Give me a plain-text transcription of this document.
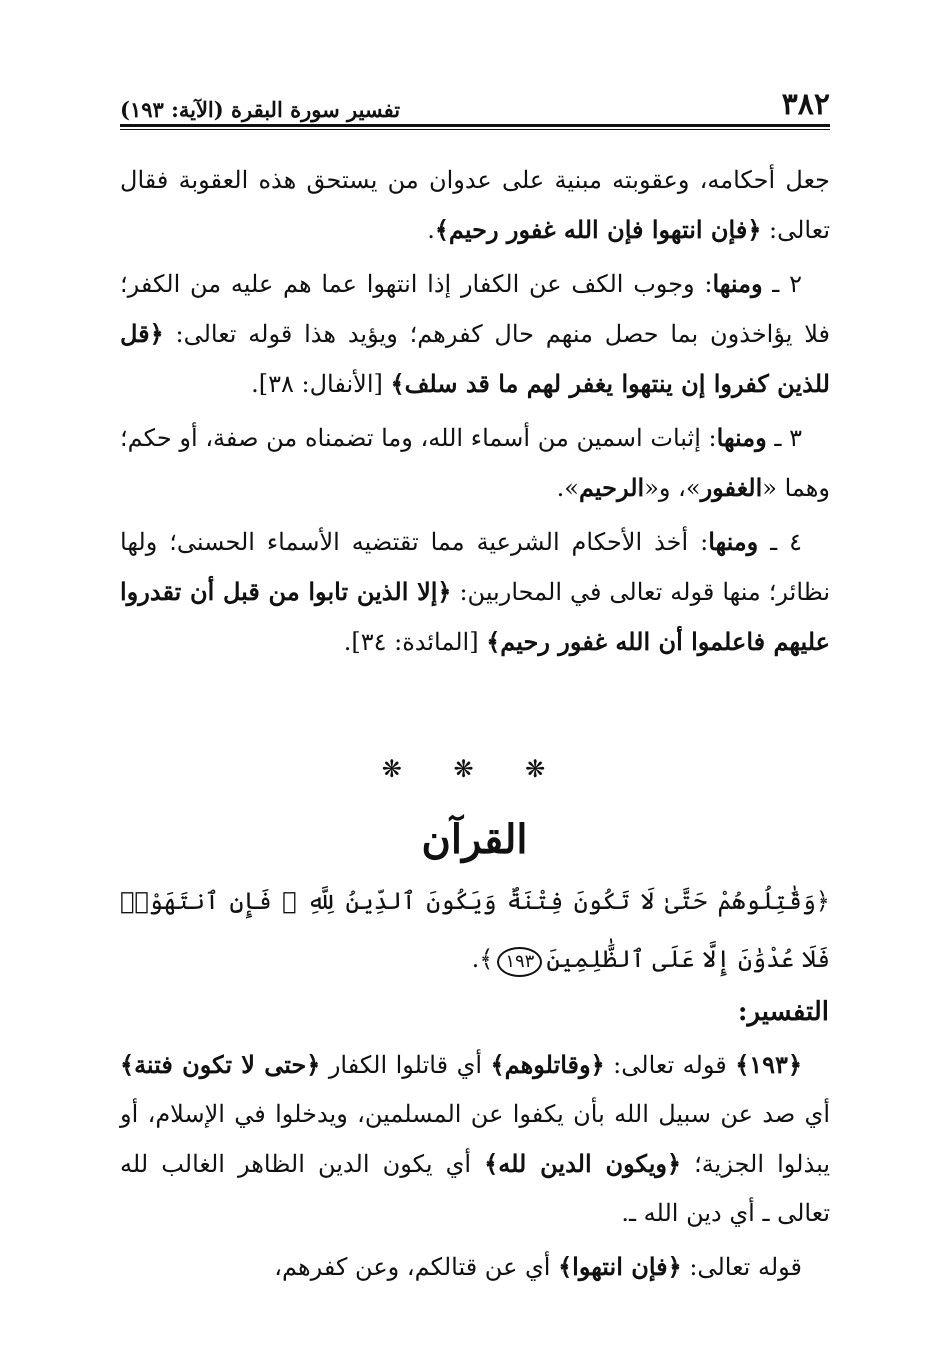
٣٨٢
تفسير سورة البقرة (الآية: ١٩٣)

جعل أحكامه، وعقوبته مبنية على عدوان من يستحق هذه العقوبة فقال تعالى: ﴿فإن انتهوا فإن الله غفور رحيم﴾.

٢ ـ ومنها: وجوب الكف عن الكفار إذا انتهوا عما هم عليه من الكفر؛ فلا يؤاخذون بما حصل منهم حال كفرهم؛ ويؤيد هذا قوله تعالى: ﴿قل للذين كفروا إن ينتهوا يغفر لهم ما قد سلف﴾ [الأنفال: ٣٨].

٣ ـ ومنها: إثبات اسمين من أسماء الله، وما تضمناه من صفة، أو حكم؛ وهما «الغفور»، و«الرحيم».

٤ ـ ومنها: أخذ الأحكام الشرعية مما تقتضيه الأسماء الحسنى؛ ولها نظائر؛ منها قوله تعالى في المحاربين: ﴿إلا الذين تابوا من قبل أن تقدروا عليهم فاعلموا أن الله غفور رحيم﴾ [المائدة: ٣٤].

❋ ❋ ❋
القرآن
﴿وَقَٰتِلُوهُمْ حَتَّىٰ لَا تَكُونَ فِتْنَةٌ وَيَكُونَ ٱلدِّينُ لِلَّهِ ۖ فَإِنِ ٱنتَهَوْا۟ فَلَا عُدْوَٰنَ إِلَّا عَلَى ٱلظَّٰلِمِينَ١٩٣﴾.
التفسير:

﴿١٩٣﴾ قوله تعالى: ﴿وقاتلوهم﴾ أي قاتلوا الكفار ﴿حتى لا تكون فتنة﴾ أي صد عن سبيل الله بأن يكفوا عن المسلمين، ويدخلوا في الإسلام، أو يبذلوا الجزية؛ ﴿ويكون الدين لله﴾ أي يكون الدين الظاهر الغالب لله تعالى ـ أي دين الله ـ.

قوله تعالى: ﴿فإن انتهوا﴾ أي عن قتالكم، وعن كفرهم،
